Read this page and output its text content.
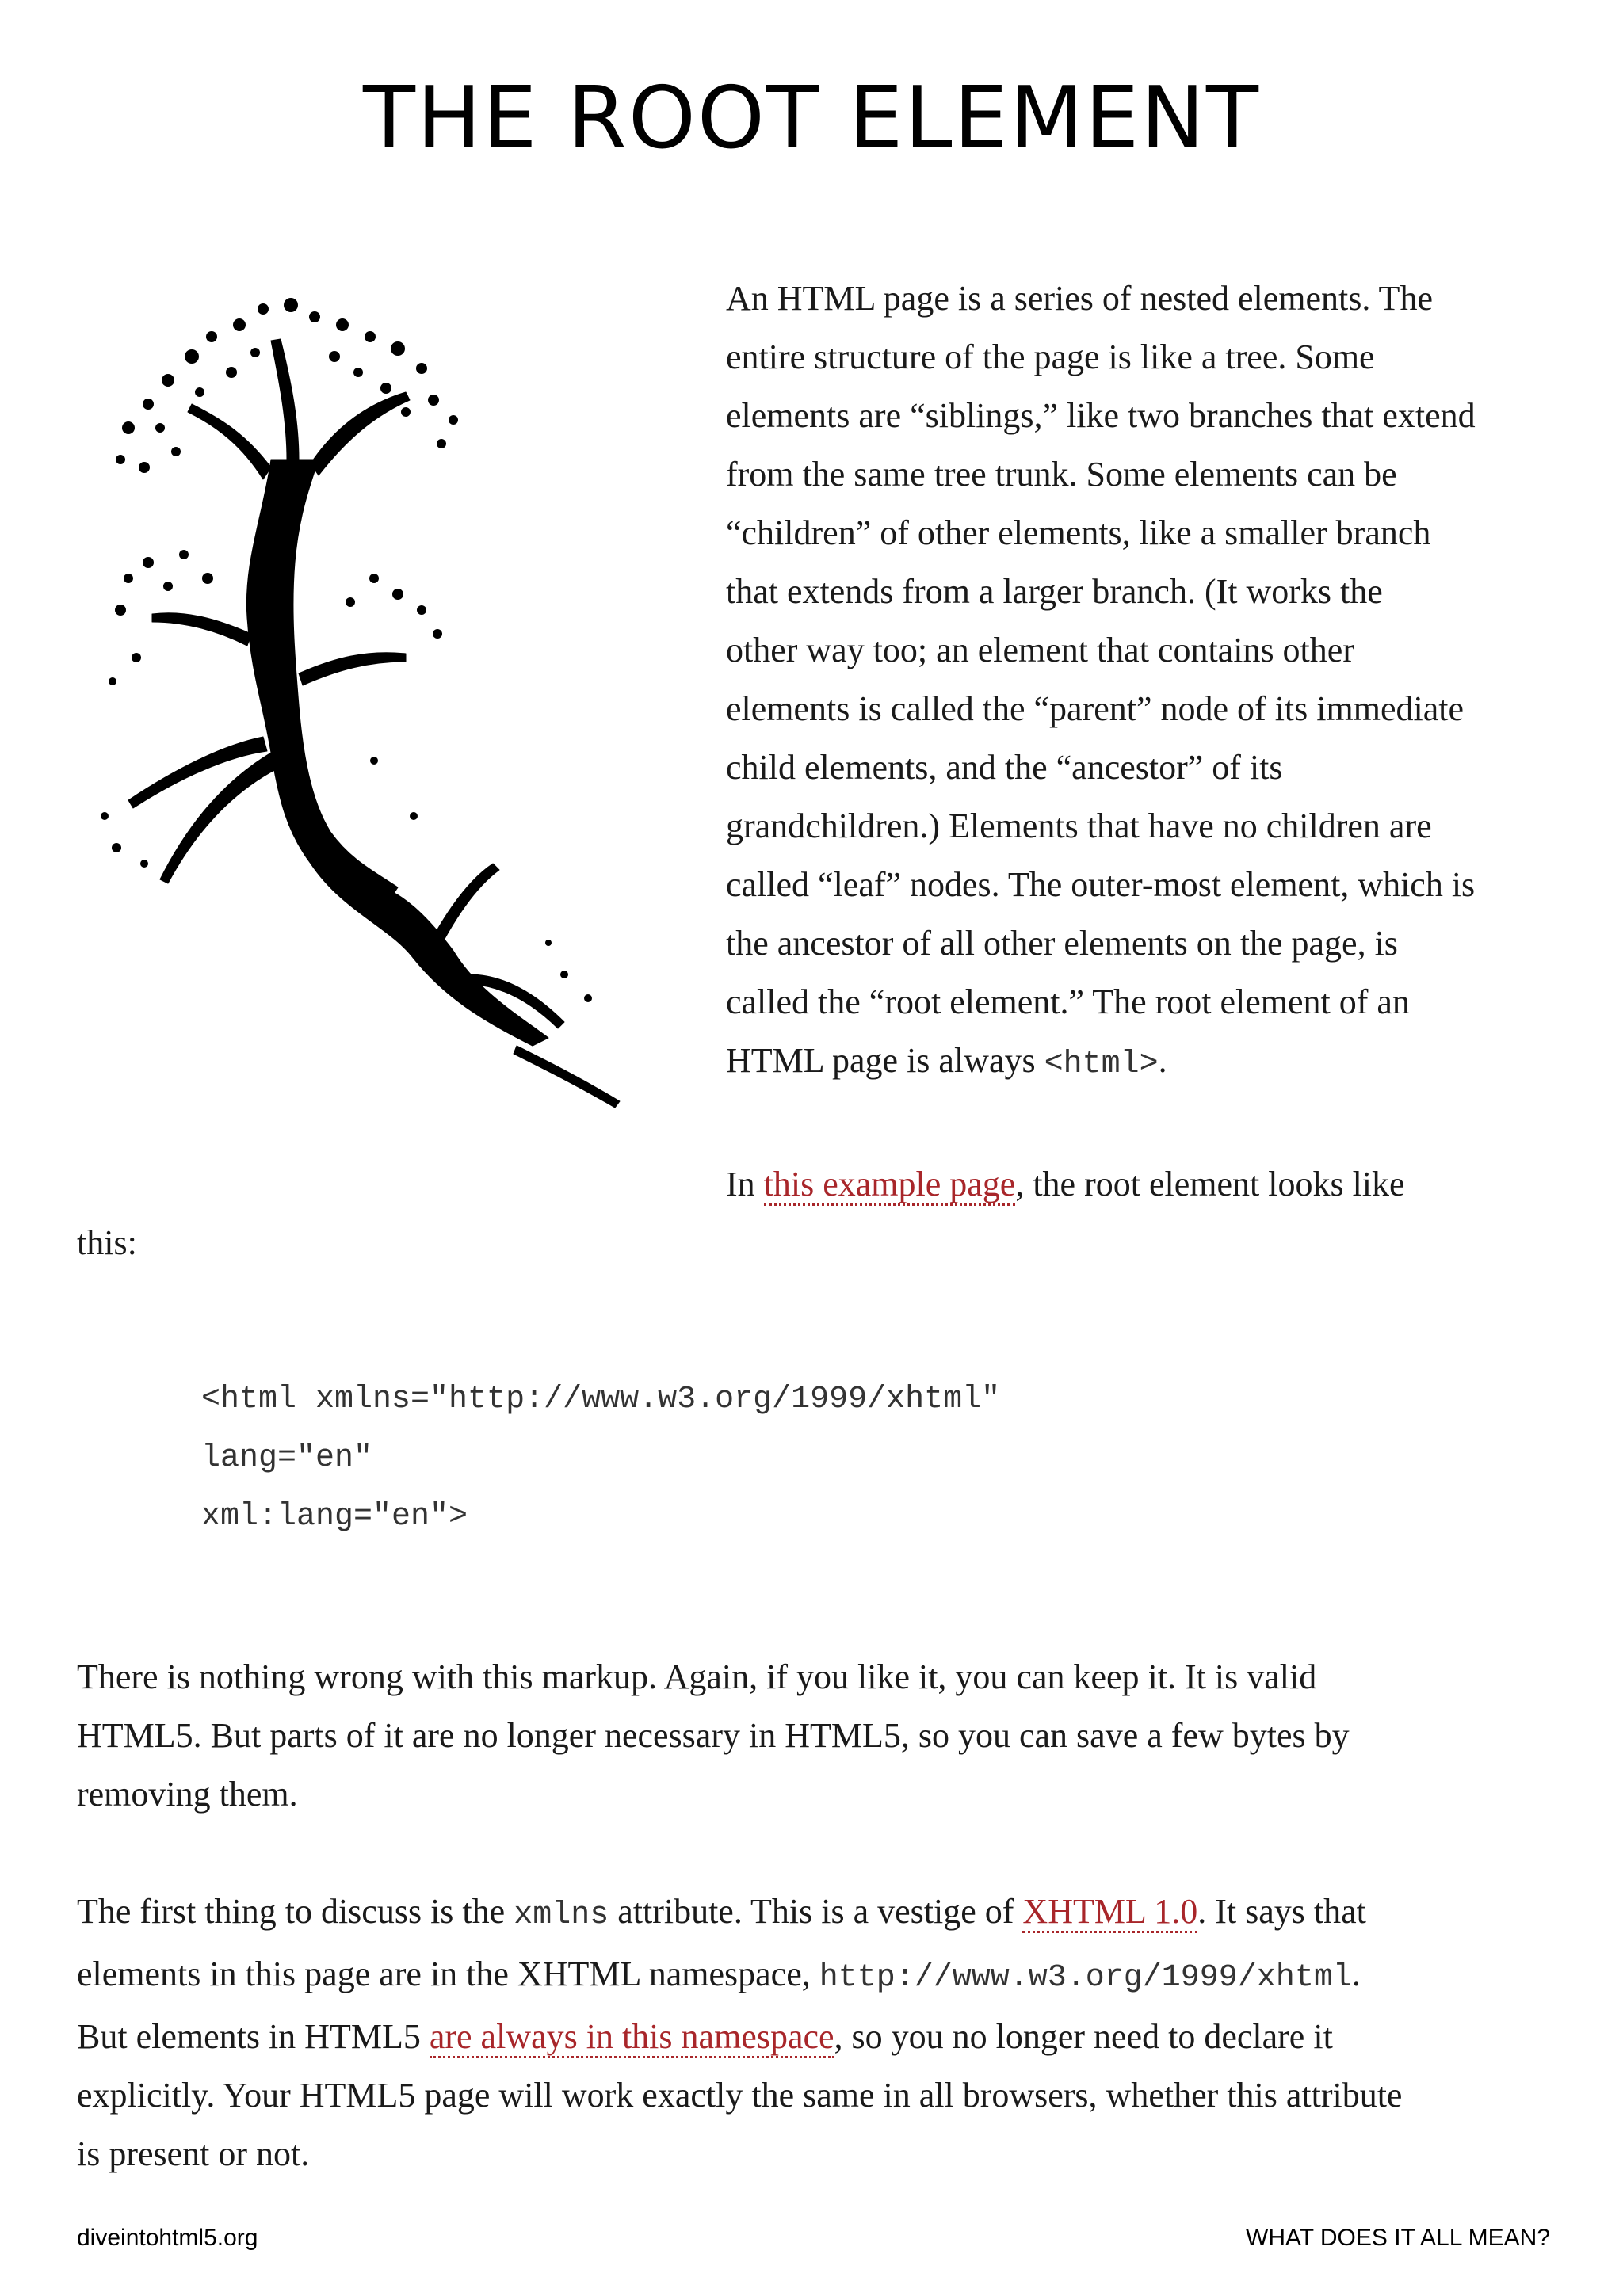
THE ROOT ELEMENT
An HTML page is a series of nested elements. The
entire structure of the page is like a tree. Some
elements are “siblings,” like two branches that extend
from the same tree trunk. Some elements can be
“children” of other elements, like a smaller branch
that extends from a larger branch. (It works the
other way too; an element that contains other
elements is called the “parent” node of its immediate
child elements, and the “ancestor” of its
grandchildren.) Elements that have no children are
called “leaf” nodes. The outer-most element, which is
the ancestor of all other elements on the page, is
called the “root element.” The root element of an
HTML page is always <html>.

In this example page, the root element looks like

this:

<html xmlns="http://www.w3.org/1999/xhtml"
lang="en"
xml:lang="en">
There is nothing wrong with this markup. Again, if you like it, you can keep it. It is valid
HTML5. But parts of it are no longer necessary in HTML5, so you can save a few bytes by
removing them.
The first thing to discuss is the xmlns attribute. This is a vestige of XHTML 1.0. It says that
elements in this page are in the XHTML namespace, http://www.w3.org/1999/xhtml.
But elements in HTML5 are always in this namespace, so you no longer need to declare it
explicitly. Your HTML5 page will work exactly the same in all browsers, whether this attribute
is present or not.
diveintohtml5.org	WHAT DOES IT ALL MEAN?
